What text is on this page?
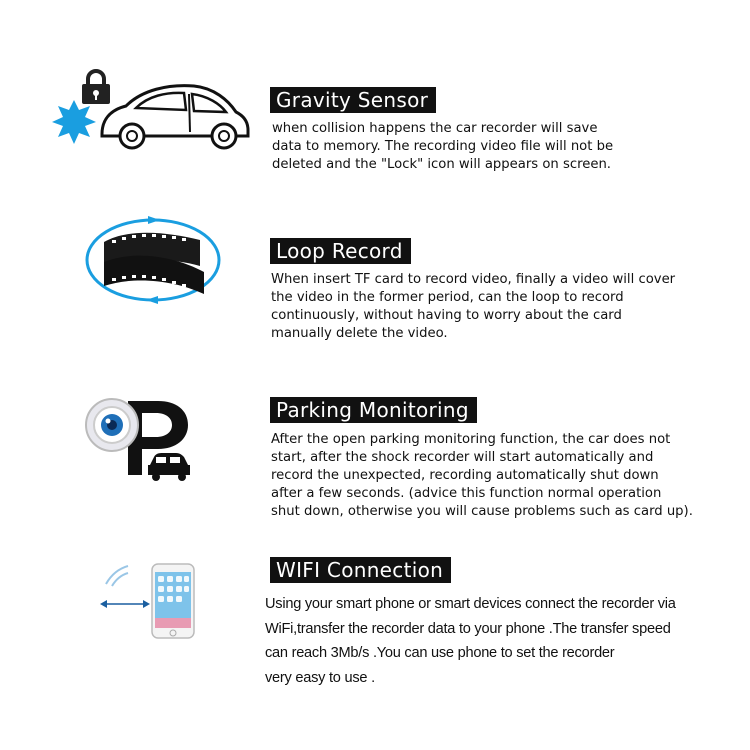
Gravity Sensor

when collision happens the car recorder will save
data to memory. The recording video file will not be
deleted and the "Lock" icon will appears on screen.

Loop Record

When insert TF card to record video, finally a video will cover
the video in the former period, can the loop to record
continuously, without having to worry about the card
manually delete the video.

Parking Monitoring

After the open parking monitoring function, the car does not
start, after the shock recorder will start automatically and
record the unexpected, recording automatically shut down
after a few seconds. (advice this function normal operation
shut down, otherwise you will cause problems such as card up).

WIFI Connection

Using your smart phone or smart devices connect the recorder via
WiFi,transfer the recorder data to your phone .The transfer speed
can reach 3Mb/s .You can use phone to set the recorder
very easy to use .
